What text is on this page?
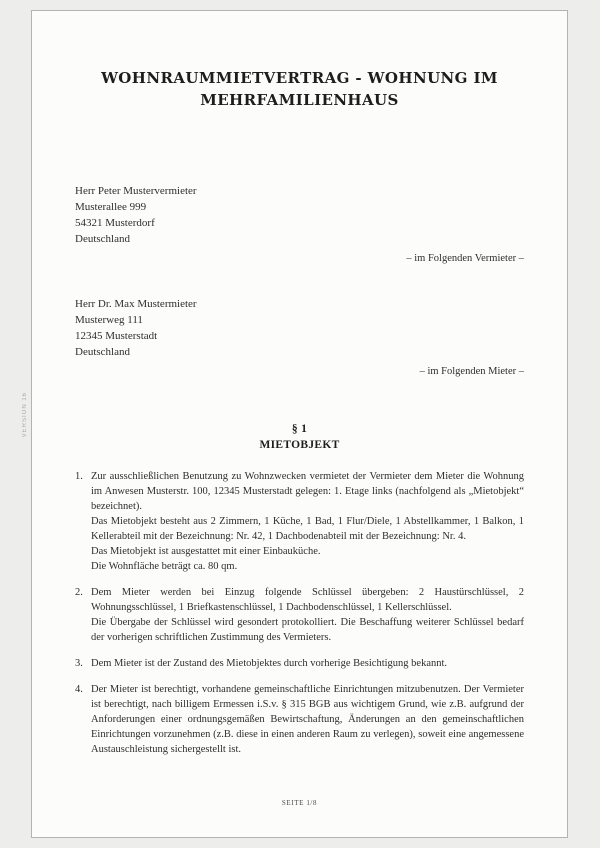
VERSION 16
WOHNRAUMMIETVERTRAG - WOHNUNG IM
MEHRFAMILIENHAUS
Herr Peter Mustervermieter
Musterallee 999
54321 Musterdorf
Deutschland
– im Folgenden Vermieter –
Herr Dr. Max Mustermieter
Musterweg 111
12345 Musterstadt
Deutschland
– im Folgenden Mieter –
§ 1
MIETOBJEKT
1. Zur ausschließlichen Benutzung zu Wohnzwecken vermietet der Vermieter dem Mieter die Wohnung im Anwesen Musterstr. 100, 12345 Musterstadt gelegen: 1. Etage links (nachfolgend als „Mietobjekt“ bezeichnet).

Das Mietobjekt besteht aus 2 Zimmern, 1 Küche, 1 Bad, 1 Flur/Diele, 1 Abstellkammer, 1 Balkon, 1 Kellerabteil mit der Bezeichnung: Nr. 42, 1 Dachbodenabteil mit der Bezeichnung: Nr. 4.

Das Mietobjekt ist ausgestattet mit einer Einbauküche.

Die Wohnfläche beträgt ca. 80 qm.

2. Dem Mieter werden bei Einzug folgende Schlüssel übergeben: 2 Haustürschlüssel, 2 Wohnungsschlüssel, 1 Briefkastenschlüssel, 1 Dachbodenschlüssel, 1 Kellerschlüssel.

Die Übergabe der Schlüssel wird gesondert protokolliert. Die Beschaffung weiterer Schlüssel bedarf der vorherigen schriftlichen Zustimmung des Vermieters.

3. Dem Mieter ist der Zustand des Mietobjektes durch vorherige Besichtigung bekannt.

4. Der Mieter ist berechtigt, vorhandene gemeinschaftliche Einrichtungen mitzubenutzen. Der Vermieter ist berechtigt, nach billigem Ermessen i.S.v. § 315 BGB aus wichtigem Grund, wie z.B. aufgrund der Anforderungen einer ordnungsgemäßen Bewirtschaftung, Änderungen an den gemeinschaftlichen Einrichtungen vorzunehmen (z.B. diese in einen anderen Raum zu verlegen), soweit eine angemessene Austauschleistung sichergestellt ist.

SEITE 1/8
